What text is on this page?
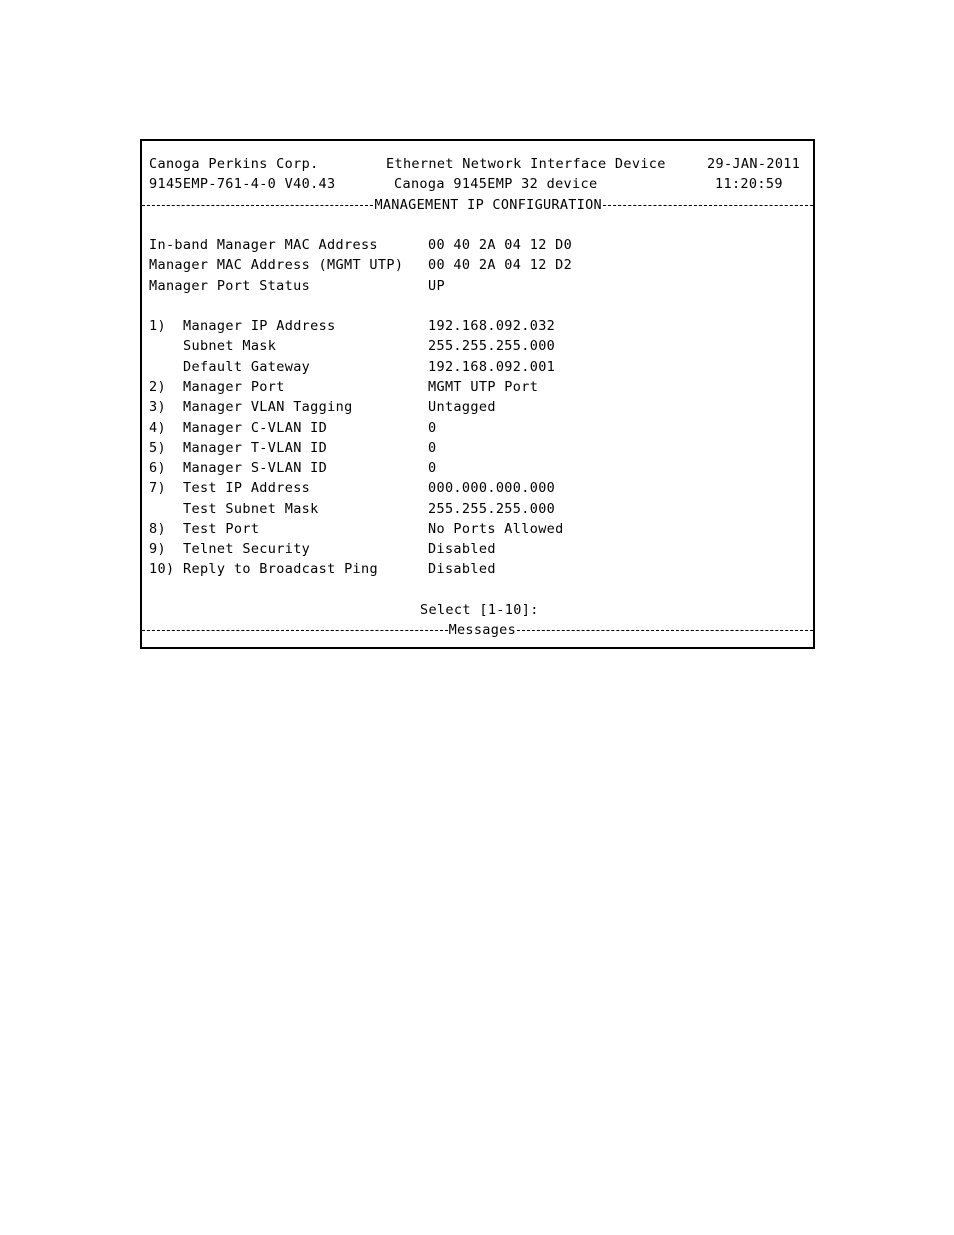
Canoga Perkins Corp.	Ethernet Network Interface Device	29-JAN-2011
9145EMP-761-4-0 V40.43	Canoga 9145EMP 32 device	11:20:59
MANAGEMENT IP CONFIGURATION
In-band Manager MAC Address	00 40 2A 04 12 D0
Manager MAC Address (MGMT UTP) 00 40 2A 04 12 D2
Manager Port Status	UP
1) Manager IP Address	192.168.092.032
Subnet Mask	255.255.255.000
Default Gateway	192.168.092.001
2) Manager Port	MGMT UTP Port
3) Manager VLAN Tagging	Untagged
4) Manager C-VLAN ID	0
5) Manager T-VLAN ID	0
6) Manager S-VLAN ID	0
7) Test IP Address	000.000.000.000
Test Subnet Mask	255.255.255.000
8) Test Port	No Ports Allowed
9) Telnet Security	Disabled
10) Reply to Broadcast Ping	Disabled
Select [1-10]:
Messages
